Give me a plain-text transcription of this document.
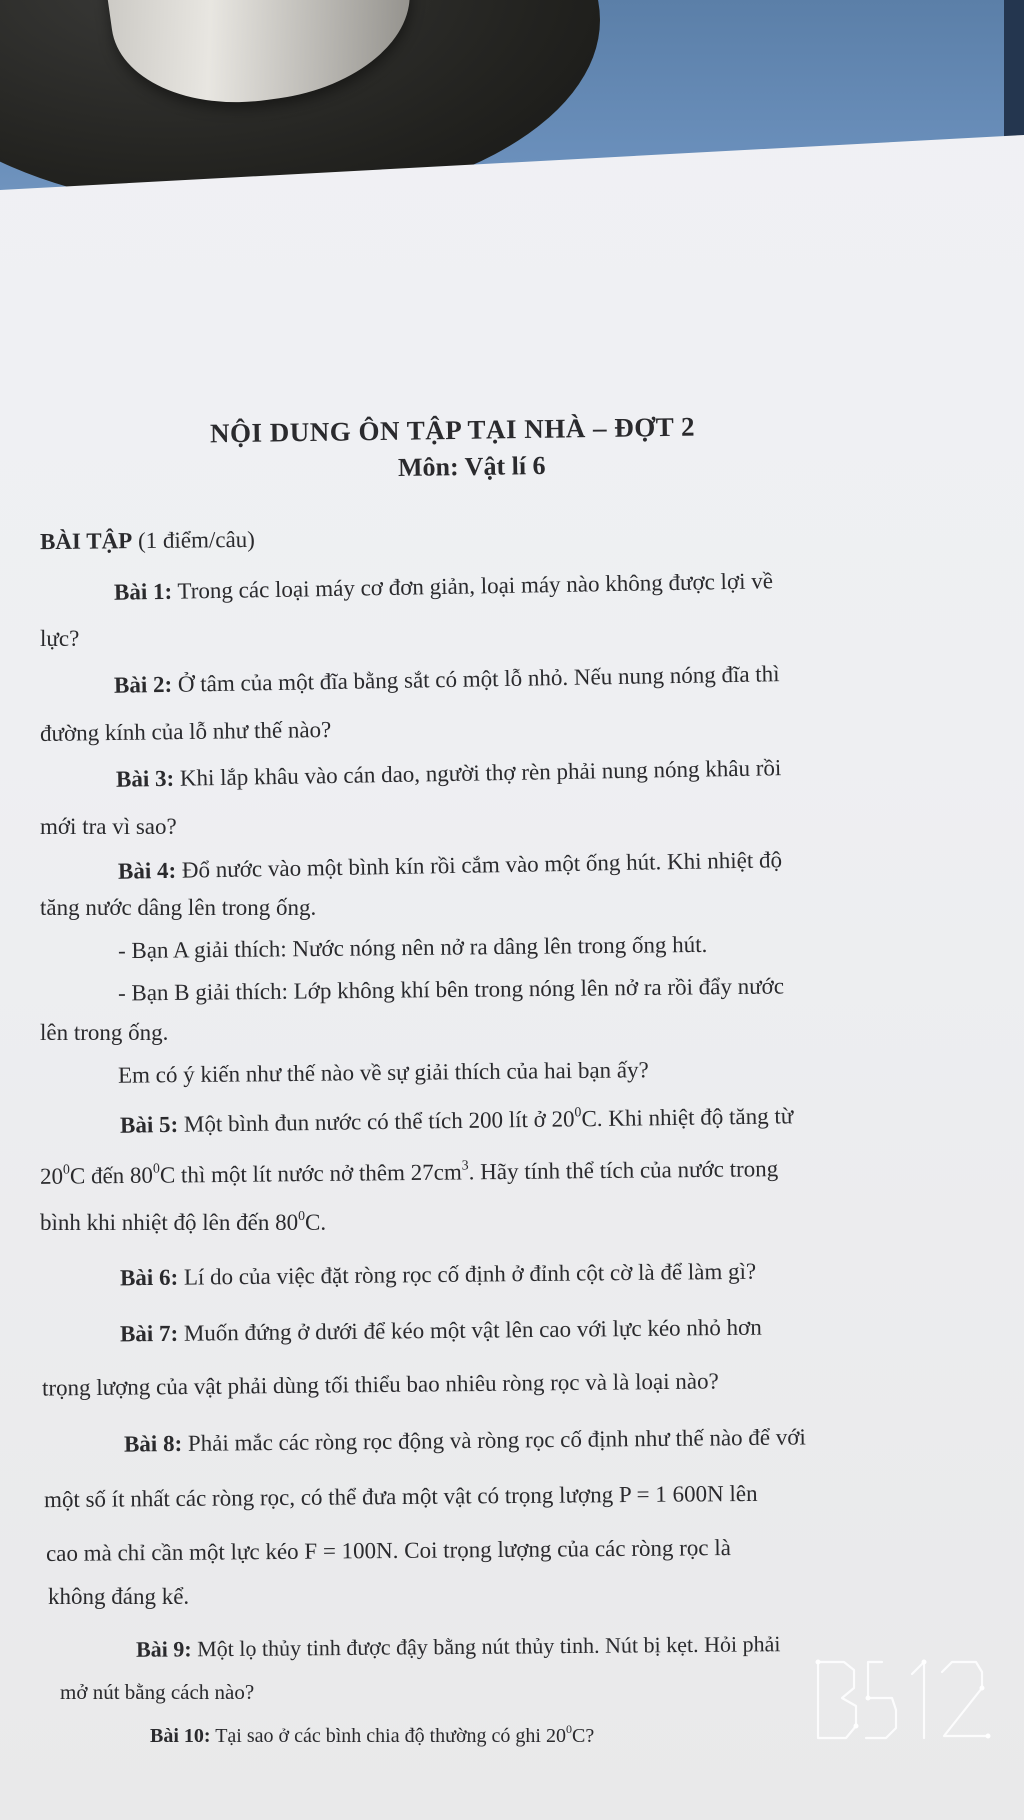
NỘI DUNG ÔN TẬP TẠI NHÀ – ĐỢT 2
Môn: Vật lí 6
BÀI TẬP (1 điểm/câu)
Bài 1: Trong các loại máy cơ đơn giản, loại máy nào không được lợi về
lực?
Bài 2: Ở tâm của một đĩa bằng sắt có một lỗ nhỏ. Nếu nung nóng đĩa thì
đường kính của lỗ như thế nào?
Bài 3: Khi lắp khâu vào cán dao, người thợ rèn phải nung nóng khâu rồi
mới tra vì sao?
Bài 4: Đổ nước vào một bình kín rồi cắm vào một ống hút. Khi nhiệt độ
tăng nước dâng lên trong ống.
- Bạn A giải thích: Nước nóng nên nở ra dâng lên trong ống hút.
- Bạn B giải thích: Lớp không khí bên trong nóng lên nở ra rồi đẩy nước
lên trong ống.
Em có ý kiến như thế nào về sự giải thích của hai bạn ấy?
Bài 5: Một bình đun nước có thể tích 200 lít ở $20^0C$. Khi nhiệt độ tăng từ
$20^0C$ đến $80^0C$ thì một lít nước nở thêm $27cm^3$. Hãy tính thể tích của nước trong
bình khi nhiệt độ lên đến $80^0C$.
Bài 6: Lí do của việc đặt ròng rọc cố định ở đỉnh cột cờ là để làm gì?
Bài 7: Muốn đứng ở dưới để kéo một vật lên cao với lực kéo nhỏ hơn
trọng lượng của vật phải dùng tối thiểu bao nhiêu ròng rọc và là loại nào?
Bài 8: Phải mắc các ròng rọc động và ròng rọc cố định như thế nào để với
một số ít nhất các ròng rọc, có thể đưa một vật có trọng lượng P = 1 600N lên
cao mà chỉ cần một lực kéo F = 100N. Coi trọng lượng của các ròng rọc là
không đáng kể.
Bài 9: Một lọ thủy tinh được đậy bằng nút thủy tinh. Nút bị kẹt. Hỏi phải
mở nút bằng cách nào?
Bài 10: Tại sao ở các bình chia độ thường có ghi $20^0C$?
